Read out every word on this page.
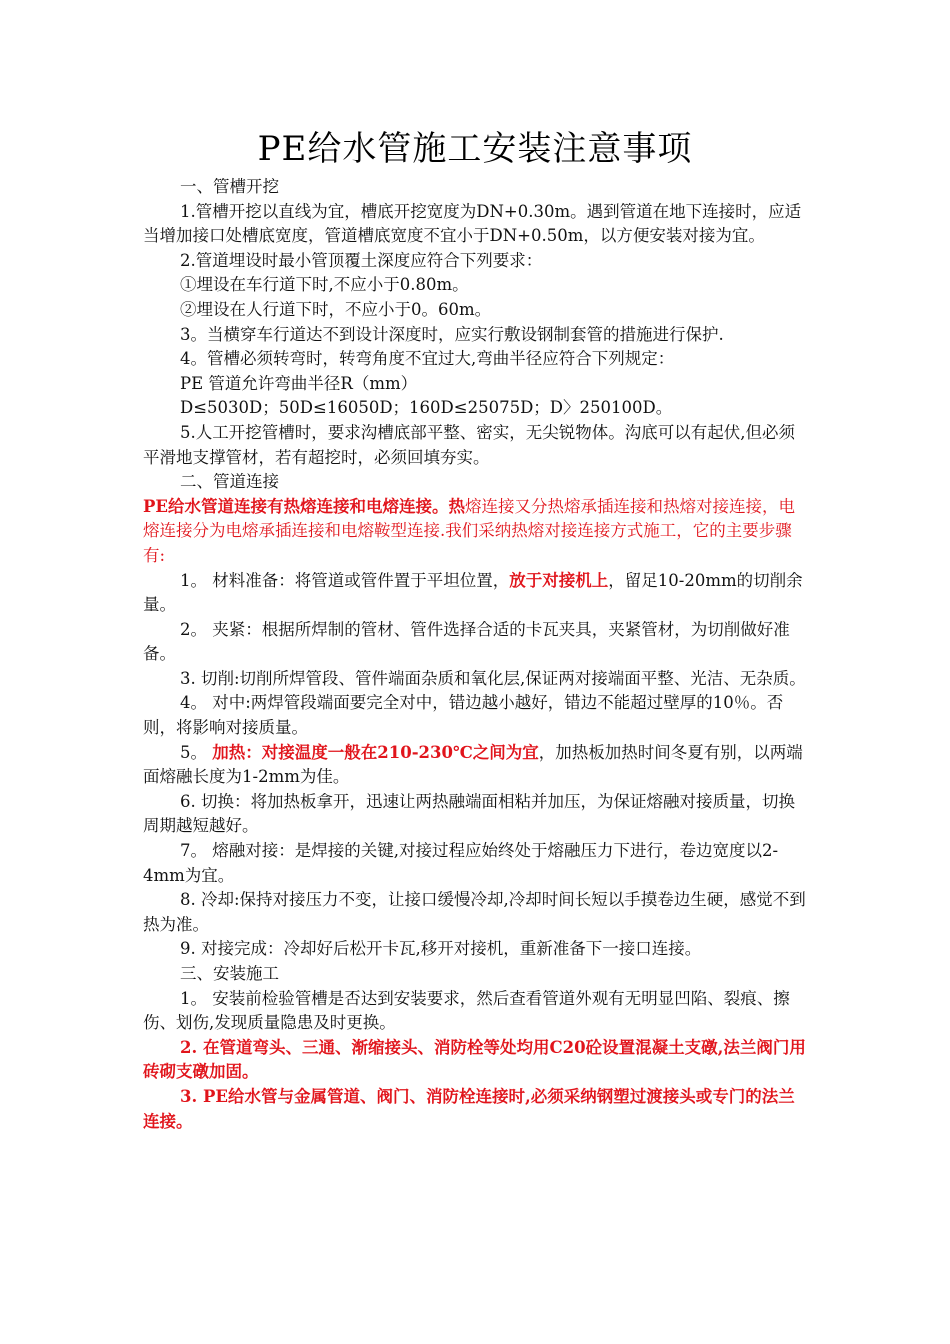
PE给水管施工安装注意事项

一、管槽开挖

1.管槽开挖以直线为宜，槽底开挖宽度为DN+0.30m。遇到管道在地下连接时，应适当增加接口处槽底宽度，管道槽底宽度不宜小于DN+0.50m，以方便安装对接为宜。

2.管道埋设时最小管顶覆土深度应符合下列要求：

①埋设在车行道下时,不应小于0.80m。

②埋设在人行道下时，不应小于0。60m。

3。当横穿车行道达不到设计深度时，应实行敷设钢制套管的措施进行保护.

4。管槽必须转弯时，转弯角度不宜过大,弯曲半径应符合下列规定：

PE 管道允许弯曲半径R（mm）

D≤5030D；50D≤16050D；160D≤25075D；D〉250100D。

5.人工开挖管槽时，要求沟槽底部平整、密实，无尖锐物体。沟底可以有起伏,但必须平滑地支撑管材，若有超挖时，必须回填夯实。

二、管道连接

PE给水管道连接有热熔连接和电熔连接。热熔连接又分热熔承插连接和热熔对接连接，电熔连接分为电熔承插连接和电熔鞍型连接.我们采纳热熔对接连接方式施工，它的主要步骤有:

1。 材料准备：将管道或管件置于平坦位置，放于对接机上，留足10-20mm的切削余量。

2。 夹紧：根据所焊制的管材、管件选择合适的卡瓦夹具，夹紧管材，为切削做好准备。

3. 切削:切削所焊管段、管件端面杂质和氧化层,保证两对接端面平整、光洁、无杂质。

4。 对中:两焊管段端面要完全对中，错边越小越好，错边不能超过壁厚的10％。否则，将影响对接质量。

5。 加热：对接温度一般在210-230℃之间为宜，加热板加热时间冬夏有别，以两端面熔融长度为1-2mm为佳。

6. 切换：将加热板拿开，迅速让两热融端面相粘并加压，为保证熔融对接质量，切换周期越短越好。

7。 熔融对接：是焊接的关键,对接过程应始终处于熔融压力下进行，卷边宽度以2-4mm为宜。

8. 冷却:保持对接压力不变，让接口缓慢冷却,冷却时间长短以手摸卷边生硬，感觉不到热为准。

9. 对接完成：冷却好后松开卡瓦,移开对接机，重新准备下一接口连接。

三、安装施工

1。 安装前检验管槽是否达到安装要求，然后查看管道外观有无明显凹陷、裂痕、擦伤、划伤,发现质量隐患及时更换。

2. 在管道弯头、三通、渐缩接头、消防栓等处均用C20砼设置混凝土支礅,法兰阀门用砖砌支礅加固。

3. PE给水管与金属管道、阀门、消防栓连接时,必须采纳钢塑过渡接头或专门的法兰连接。
